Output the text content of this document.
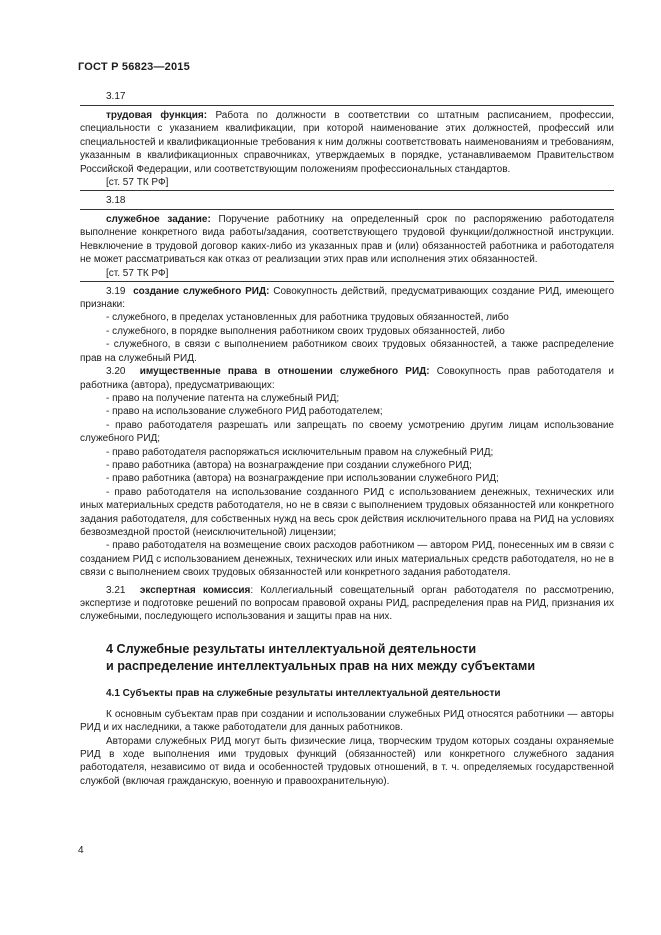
ГОСТ Р 56823—2015
3.17

трудовая функция: Работа по должности в соответствии со штатным расписанием, профессии, специальности с указанием квалификации, при которой наименование этих должностей, профессий или специальностей и квалификационные требования к ним должны соответствовать наименованиям и требованиям, указанным в квалификационных справочниках, утверждаемых в порядке, устанавливаемом Правительством Российской Федерации, или соответствующим положениям профессиональных стандартов.

[ст. 57 ТК РФ]
3.18

служебное задание: Поручение работнику на определенный срок по распоряжению работодателя выполнение конкретного вида работы/задания, соответствующего трудовой функции/должностной инструкции. Невключение в трудовой договор каких-либо из указанных прав и (или) обязанностей работника и работодателя не может рассматриваться как отказ от реализации этих прав или исполнения этих обязанностей.

[ст. 57 ТК РФ]

3.19 создание служебного РИД: Совокупность действий, предусматривающих создание РИД, имеющего признаки:

- служебного, в пределах установленных для работника трудовых обязанностей, либо

- служебного, в порядке выполнения работником своих трудовых обязанностей, либо

- служебного, в связи с выполнением работником своих трудовых обязанностей, а также распределение прав на служебный РИД.

3.20 имущественные права в отношении служебного РИД: Совокупность прав работодателя и работника (автора), предусматривающих:

- право на получение патента на служебный РИД;

- право на использование служебного РИД работодателем;

- право работодателя разрешать или запрещать по своему усмотрению другим лицам использование служебного РИД;

- право работодателя распоряжаться исключительным правом на служебный РИД;

- право работника (автора) на вознаграждение при создании служебного РИД;

- право работника (автора) на вознаграждение при использовании служебного РИД;

- право работодателя на использование созданного РИД с использованием денежных, технических или иных материальных средств работодателя, но не в связи с выполнением трудовых обязанностей или конкретного задания работодателя, для собственных нужд на весь срок действия исключительного права на РИД на условиях безвозмездной простой (неисключительной) лицензии;

- право работодателя на возмещение своих расходов работником — автором РИД, понесенных им в связи с созданием РИД с использованием денежных, технических или иных материальных средств работодателя, но не в связи с выполнением своих трудовых обязанностей или конкретного задания работодателя.

3.21 экспертная комиссия: Коллегиальный совещательный орган работодателя по рассмотрению, экспертизе и подготовке решений по вопросам правовой охраны РИД, распределения прав на РИД, признания их служебными, последующего использования и защиты прав на них.

4 Служебные результаты интеллектуальной деятельности
и распределение интеллектуальных прав на них между субъектами
4.1 Субъекты прав на служебные результаты интеллектуальной деятельности

К основным субъектам прав при создании и использовании служебных РИД относятся работники — авторы РИД и их наследники, а также работодатели для данных работников.

Авторами служебных РИД могут быть физические лица, творческим трудом которых созданы охраняемые РИД в ходе выполнения ими трудовых функций (обязанностей) или конкретного служебного задания работодателя, независимо от вида и особенностей трудовых отношений, в т. ч. определяемых государственной службой (включая гражданскую, военную и правоохранительную).

4
